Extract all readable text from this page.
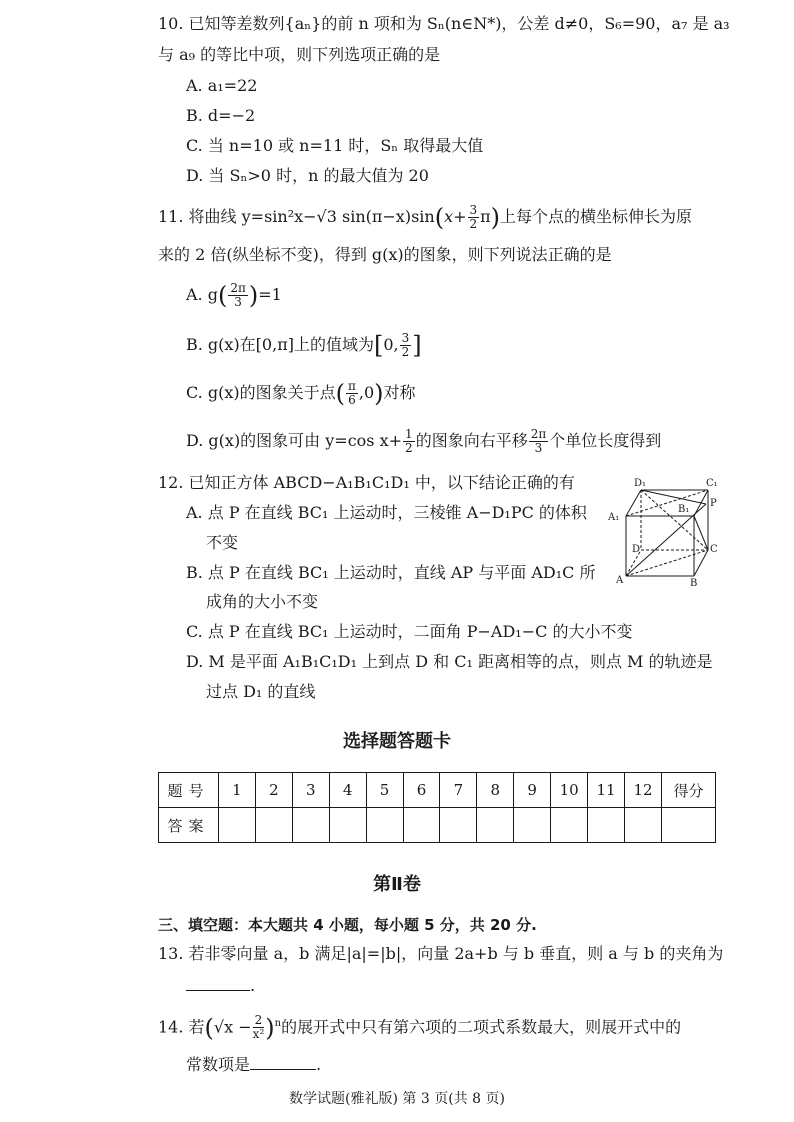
10. 已知等差数列{aₙ}的前 n 项和为 Sₙ(n∈N*)，公差 d≠0，S₆=90，a₇ 是 a₃
与 a₉ 的等比中项，则下列选项正确的是
A. a₁=22
B. d=−2
C. 当 n=10 或 n=11 时，Sₙ 取得最大值
D. 当 Sₙ>0 时，n 的最大值为 20
11. 将曲线 y=sin²x−√3 $\sin(\pi-x)\sin(x+ \frac{3}{2} \pi)$上每个点的横坐标伸长为原
来的 2 倍(纵坐标不变)，得到 g(x)的图象，则下列说法正确的是
A. $g( \frac{2\pi}{3} )=1$
B. g(x)在[0,π]上的值域为[0, $\frac{3}{2}$ ]
C. g(x)的图象关于点( $\frac{\pi}{6} ,0$)对称
D. g(x)的图象可由 y=cos $x+ \frac{1}{2}$ 的图象向右平移 $\frac{2\pi}{3}$ 个单位长度得到
12. 已知正方体 ABCD−A₁B₁C₁D₁ 中，以下结论正确的有
A. 点 P 在直线 BC₁ 上运动时，三棱锥 A−D₁PC 的体积
不变
B. 点 P 在直线 BC₁ 上运动时，直线 AP 与平面 AD₁C 所
成角的大小不变
C. 点 P 在直线 BC₁ 上运动时，二面角 P−AD₁−C 的大小不变
D. M 是平面 A₁B₁C₁D₁ 上到点 D 和 C₁ 距离相等的点，则点 M 的轨迹是
过点 D₁ 的直线
D₁	C₁
A₁
B₁
P
D	C
A	B
选择题答题卡
题号	1	2	3	4	5	6	7	8	9	10	11	12	得分
答案													
第Ⅱ卷
三、填空题：本大题共 4 小题，每小题 5 分，共 20 分.
13. 若非零向量 a，b 满足|a|=|b|，向量 2a+b 与 b 垂直，则 a 与 b 的夹角为
.
14. 若$(√x - \frac{2}{\text{x²}} )^n$的展开式中只有第六项的二项式系数最大，则展开式中的
常数项是	.
数学试题(雅礼版) 第 3 页(共 8 页)
